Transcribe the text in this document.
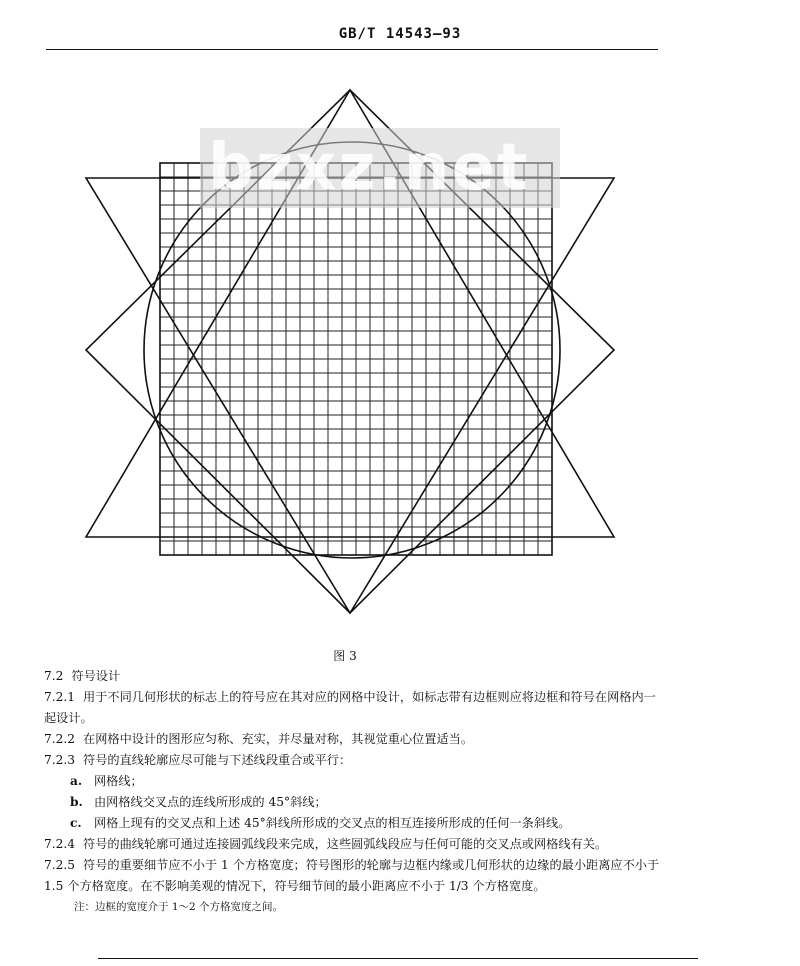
GB/T 14543—93
bzxz.net
图 3

7.2 符号设计

7.2.1 用于不同几何形状的标志上的符号应在其对应的网格中设计，如标志带有边框则应将边框和符号在网格内一起设计。

7.2.2 在网格中设计的图形应匀称、充实，并尽量对称，其视觉重心位置适当。

7.2.3 符号的直线轮廓应尽可能与下述线段重合或平行：

a. 网格线；

b. 由网格线交叉点的连线所形成的 45°斜线；

c. 网格上现有的交叉点和上述 45°斜线所形成的交叉点的相互连接所形成的任何一条斜线。

7.2.4 符号的曲线轮廓可通过连接圆弧线段来完成，这些圆弧线段应与任何可能的交叉点或网格线有关。

7.2.5 符号的重要细节应不小于 1 个方格宽度；符号图形的轮廓与边框内缘或几何形状的边缘的最小距离应不小于 1.5 个方格宽度。在不影响美观的情况下，符号细节间的最小距离应不小于 1/3 个方格宽度。

注：边框的宽度介于 1～2 个方格宽度之间。
